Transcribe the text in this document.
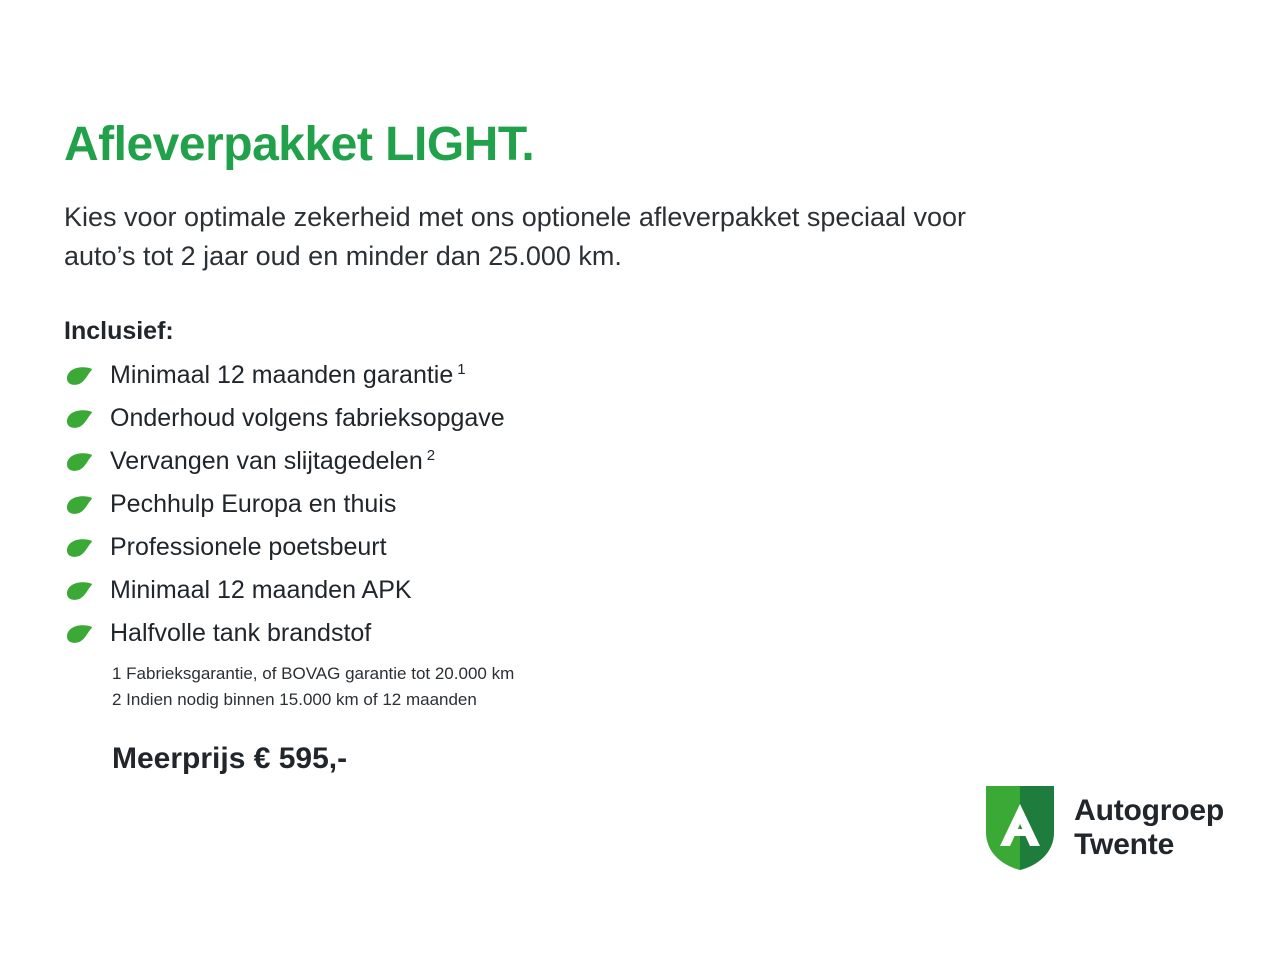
Afleverpakket LIGHT.

Kies voor optimale zekerheid met ons optionele afleverpakket speciaal voor auto’s tot 2 jaar oud en minder dan 25.000 km.

Inclusief:
Minimaal 12 maanden garantie $^1$
Onderhoud volgens fabrieksopgave
Vervangen van slijtagedelen $^2$
Pechhulp Europa en thuis
Professionele poetsbeurt
Minimaal 12 maanden APK
Halfvolle tank brandstof
1 Fabrieksgarantie, of BOVAG garantie tot 20.000 km
2 Indien nodig binnen 15.000 km of 12 maanden
Meerprijs € 595,-
Autogroep
Twente
